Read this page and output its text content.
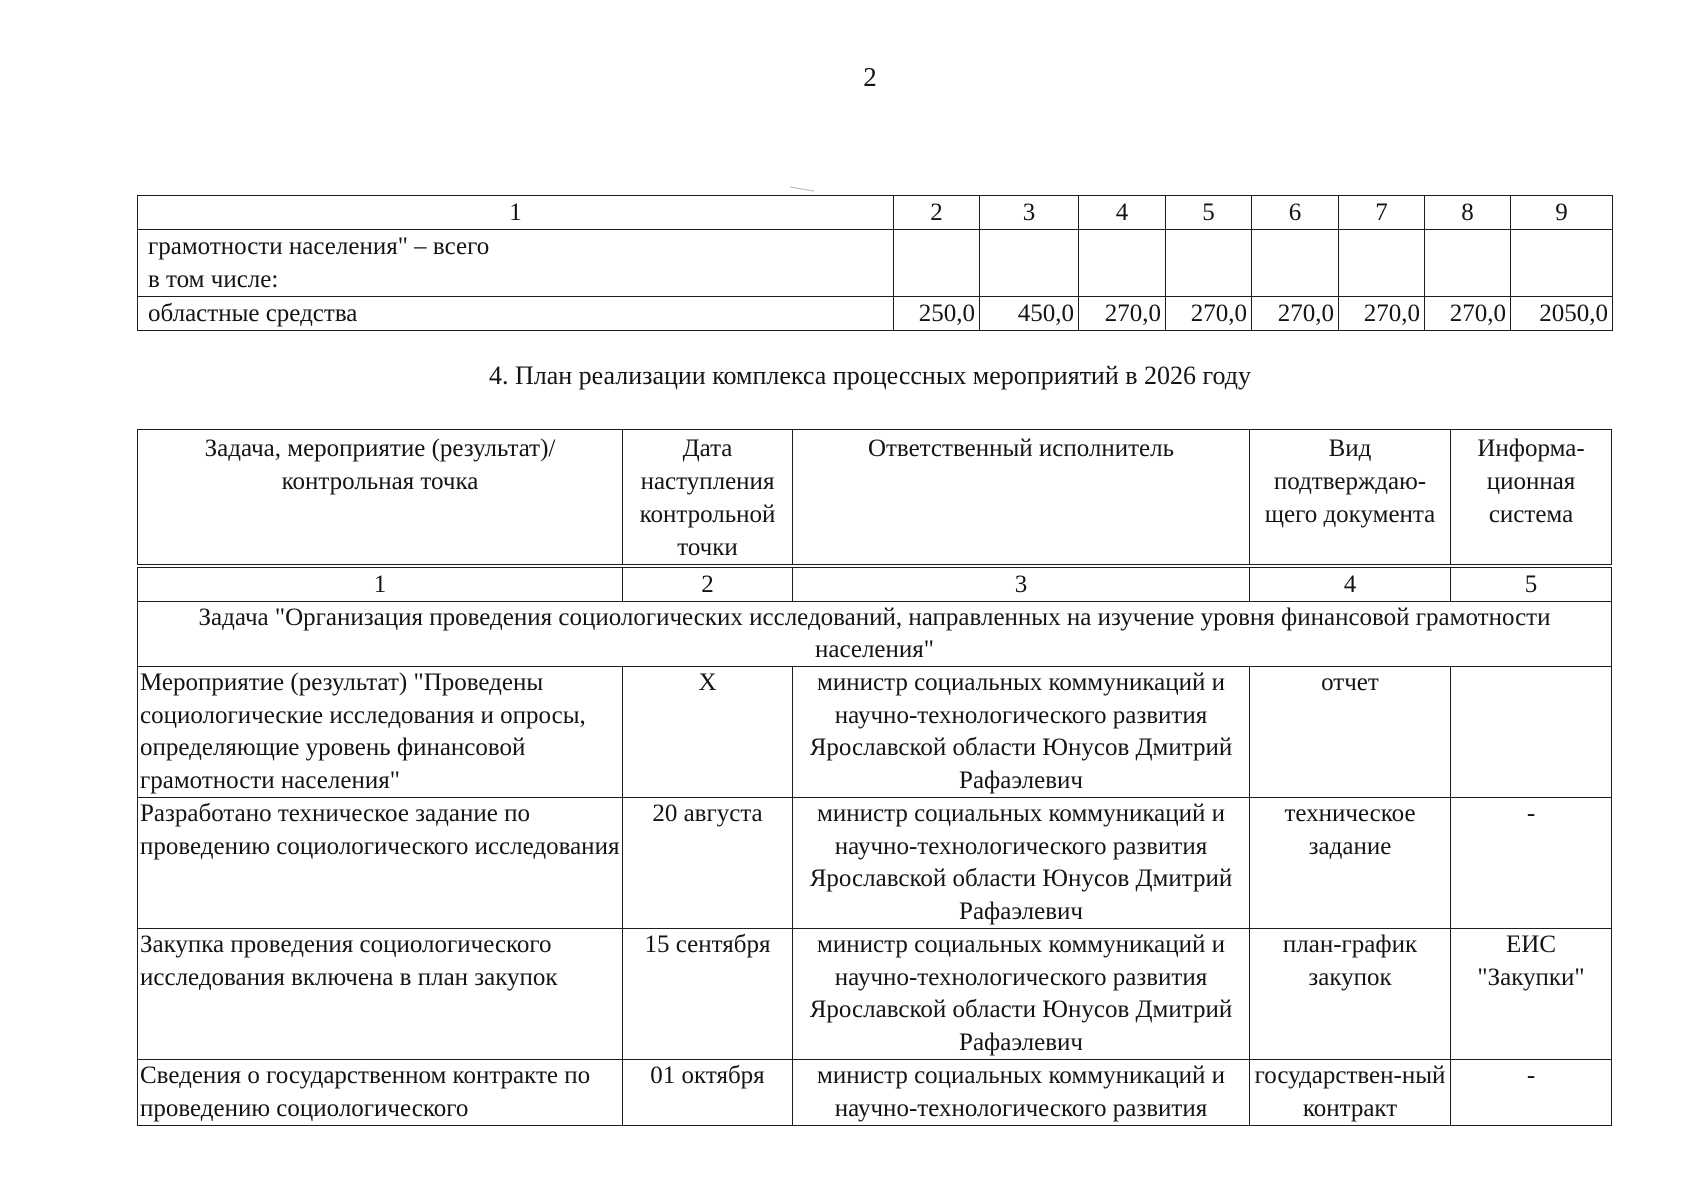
2
1	2	3	4	5	6	7	8	9

грамотности населения" – всего
в том числе:								

областные средства	250,0	450,0	270,0	270,0	270,0	270,0	270,0	2050,0
4. План реализации комплекса процессных мероприятий в 2026 году
Задача, мероприятие (результат)/ контрольная точка	Дата наступления контрольной точки	Ответственный исполнитель	Вид подтверждаю-щего документа	Информа-ционная система
1	2	3	4	5
Задача "Организация проведения социологических исследований, направленных на изучение уровня финансовой грамотности населения"				
Мероприятие (результат) "Проведены социологические исследования и опросы, определяющие уровень финансовой грамотности населения"	X	министр социальных коммуникаций и научно-технологического развития Ярославской области Юнусов Дмитрий Рафаэлевич	отчет	
Разработано техническое задание по проведению социологического исследования	20 августа	министр социальных коммуникаций и научно-технологического развития Ярославской области Юнусов Дмитрий Рафаэлевич	техническое задание	-
Закупка проведения социологического исследования включена в план закупок	15 сентября	министр социальных коммуникаций и научно-технологического развития Ярославской области Юнусов Дмитрий Рафаэлевич	план-график закупок	ЕИС "Закупки"
Сведения о государственном контракте по проведению социологического	01 октября	министр социальных коммуникаций и научно-технологического развития	государствен-ный контракт	-
